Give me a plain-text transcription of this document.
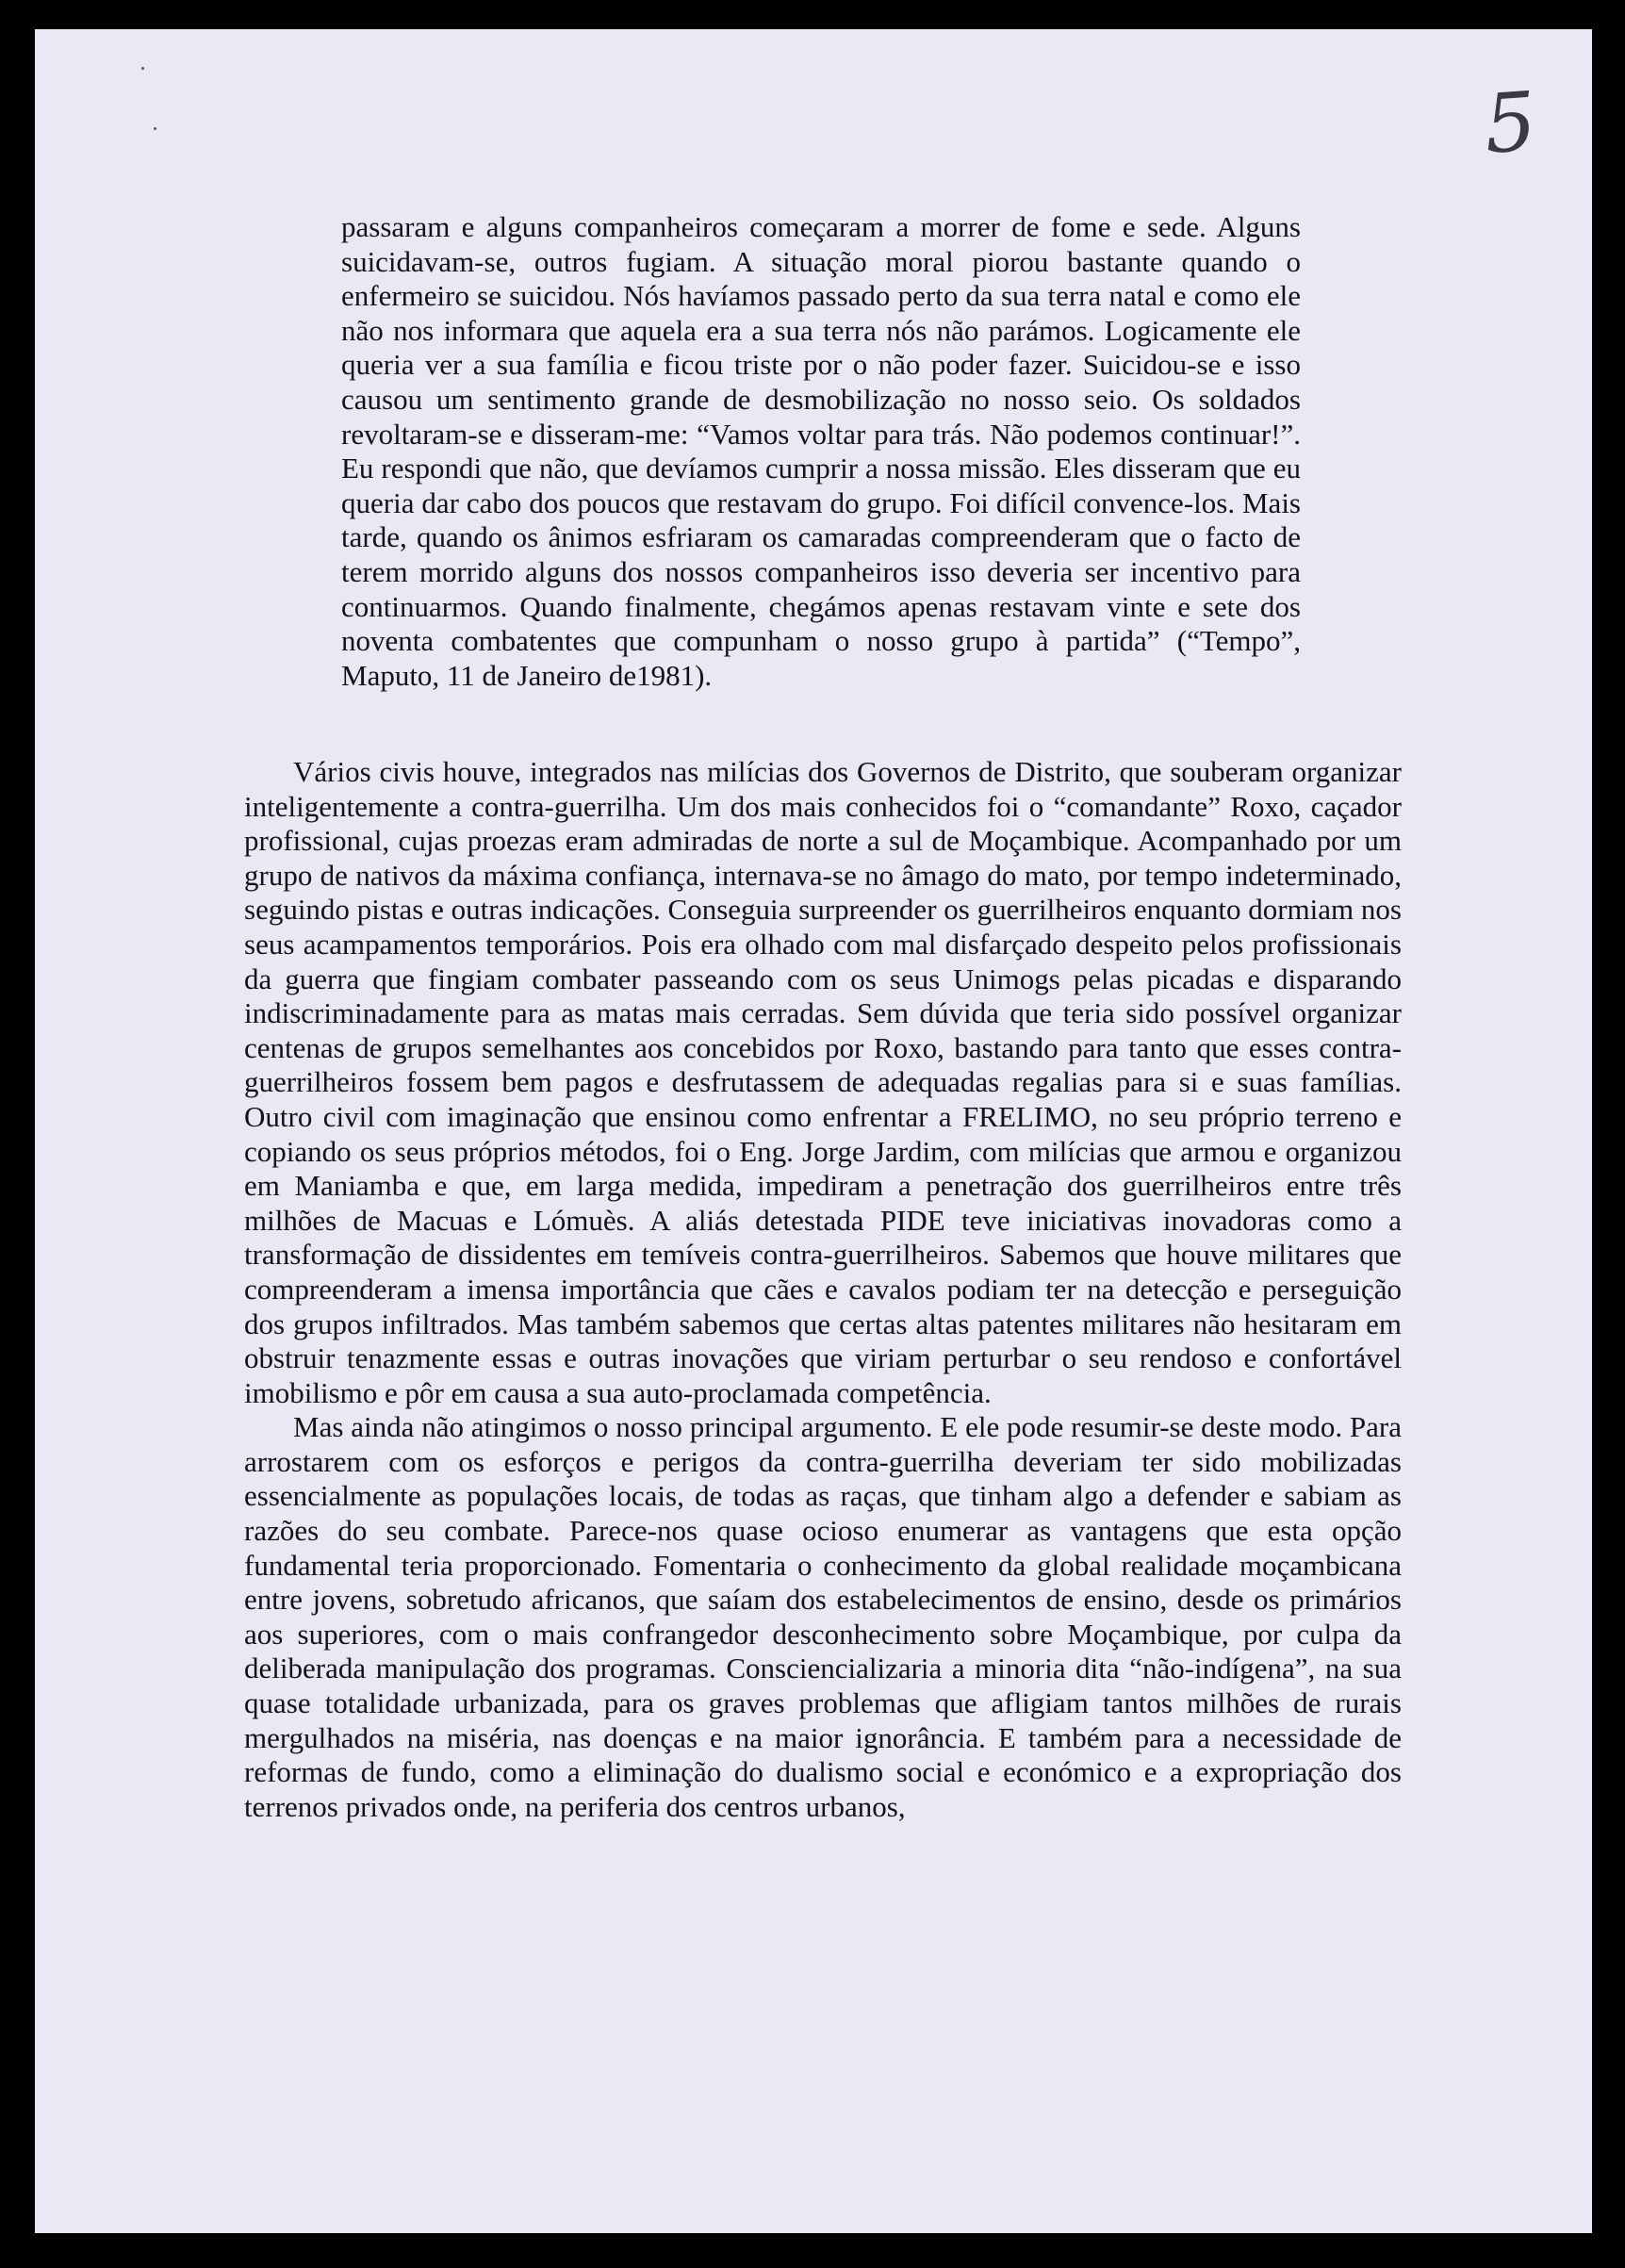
5

passaram e alguns companheiros começaram a morrer de fome e sede. Alguns suicidavam-se, outros fugiam. A situação moral piorou bastante quando o enfermeiro se suicidou. Nós havíamos passado perto da sua terra natal e como ele não nos informara que aquela era a sua terra nós não parámos. Logicamente ele queria ver a sua família e ficou triste por o não poder fazer. Suicidou-se e isso causou um sentimento grande de desmobilização no nosso seio. Os soldados revoltaram-se e disseram-me: “Vamos voltar para trás. Não podemos continuar!”. Eu respondi que não, que devíamos cumprir a nossa missão. Eles disseram que eu queria dar cabo dos poucos que restavam do grupo. Foi difícil convence-los. Mais tarde, quando os ânimos esfriaram os camaradas compreenderam que o facto de terem morrido alguns dos nossos companheiros isso deveria ser incentivo para continuarmos. Quando finalmente, chegámos apenas restavam vinte e sete dos noventa combatentes que compunham o nosso grupo à partida” (“Tempo”, Maputo, 11 de Janeiro de1981).

Vários civis houve, integrados nas milícias dos Governos de Distrito, que souberam organizar inteligentemente a contra-guerrilha. Um dos mais conhecidos foi o “comandante” Roxo, caçador profissional, cujas proezas eram admiradas de norte a sul de Moçambique. Acompanhado por um grupo de nativos da máxima confiança, internava-se no âmago do mato, por tempo indeterminado, seguindo pistas e outras indicações. Conseguia surpreender os guerrilheiros enquanto dormiam nos seus acampamentos temporários. Pois era olhado com mal disfarçado despeito pelos profissionais da guerra que fingiam combater passeando com os seus Unimogs pelas picadas e disparando indiscriminadamente para as matas mais cerradas. Sem dúvida que teria sido possível organizar centenas de grupos semelhantes aos concebidos por Roxo, bastando para tanto que esses contra-guerrilheiros fossem bem pagos e desfrutassem de adequadas regalias para si e suas famílias. Outro civil com imaginação que ensinou como enfrentar a FRELIMO, no seu próprio terreno e copiando os seus próprios métodos, foi o Eng. Jorge Jardim, com milícias que armou e organizou em Maniamba e que, em larga medida, impediram a penetração dos guerrilheiros entre três milhões de Macuas e Lómuès. A aliás detestada PIDE teve iniciativas inovadoras como a transformação de dissidentes em temíveis contra-guerrilheiros. Sabemos que houve militares que compreenderam a imensa importância que cães e cavalos podiam ter na detecção e perseguição dos grupos infiltrados. Mas também sabemos que certas altas patentes militares não hesitaram em obstruir tenazmente essas e outras inovações que viriam perturbar o seu rendoso e confortável imobilismo e pôr em causa a sua auto-proclamada competência.

Mas ainda não atingimos o nosso principal argumento. E ele pode resumir-se deste modo. Para arrostarem com os esforços e perigos da contra-guerrilha deveriam ter sido mobilizadas essencialmente as populações locais, de todas as raças, que tinham algo a defender e sabiam as razões do seu combate. Parece-nos quase ocioso enumerar as vantagens que esta opção fundamental teria proporcionado. Fomentaria o conhecimento da global realidade moçambicana entre jovens, sobretudo africanos, que saíam dos estabelecimentos de ensino, desde os primários aos superiores, com o mais confrangedor desconhecimento sobre Moçambique, por culpa da deliberada manipulação dos programas. Consciencializaria a minoria dita “não-indígena”, na sua quase totalidade urbanizada, para os graves problemas que afligiam tantos milhões de rurais mergulhados na miséria, nas doenças e na maior ignorância. E também para a necessidade de reformas de fundo, como a eliminação do dualismo social e económico e a expropriação dos terrenos privados onde, na periferia dos centros urbanos,
